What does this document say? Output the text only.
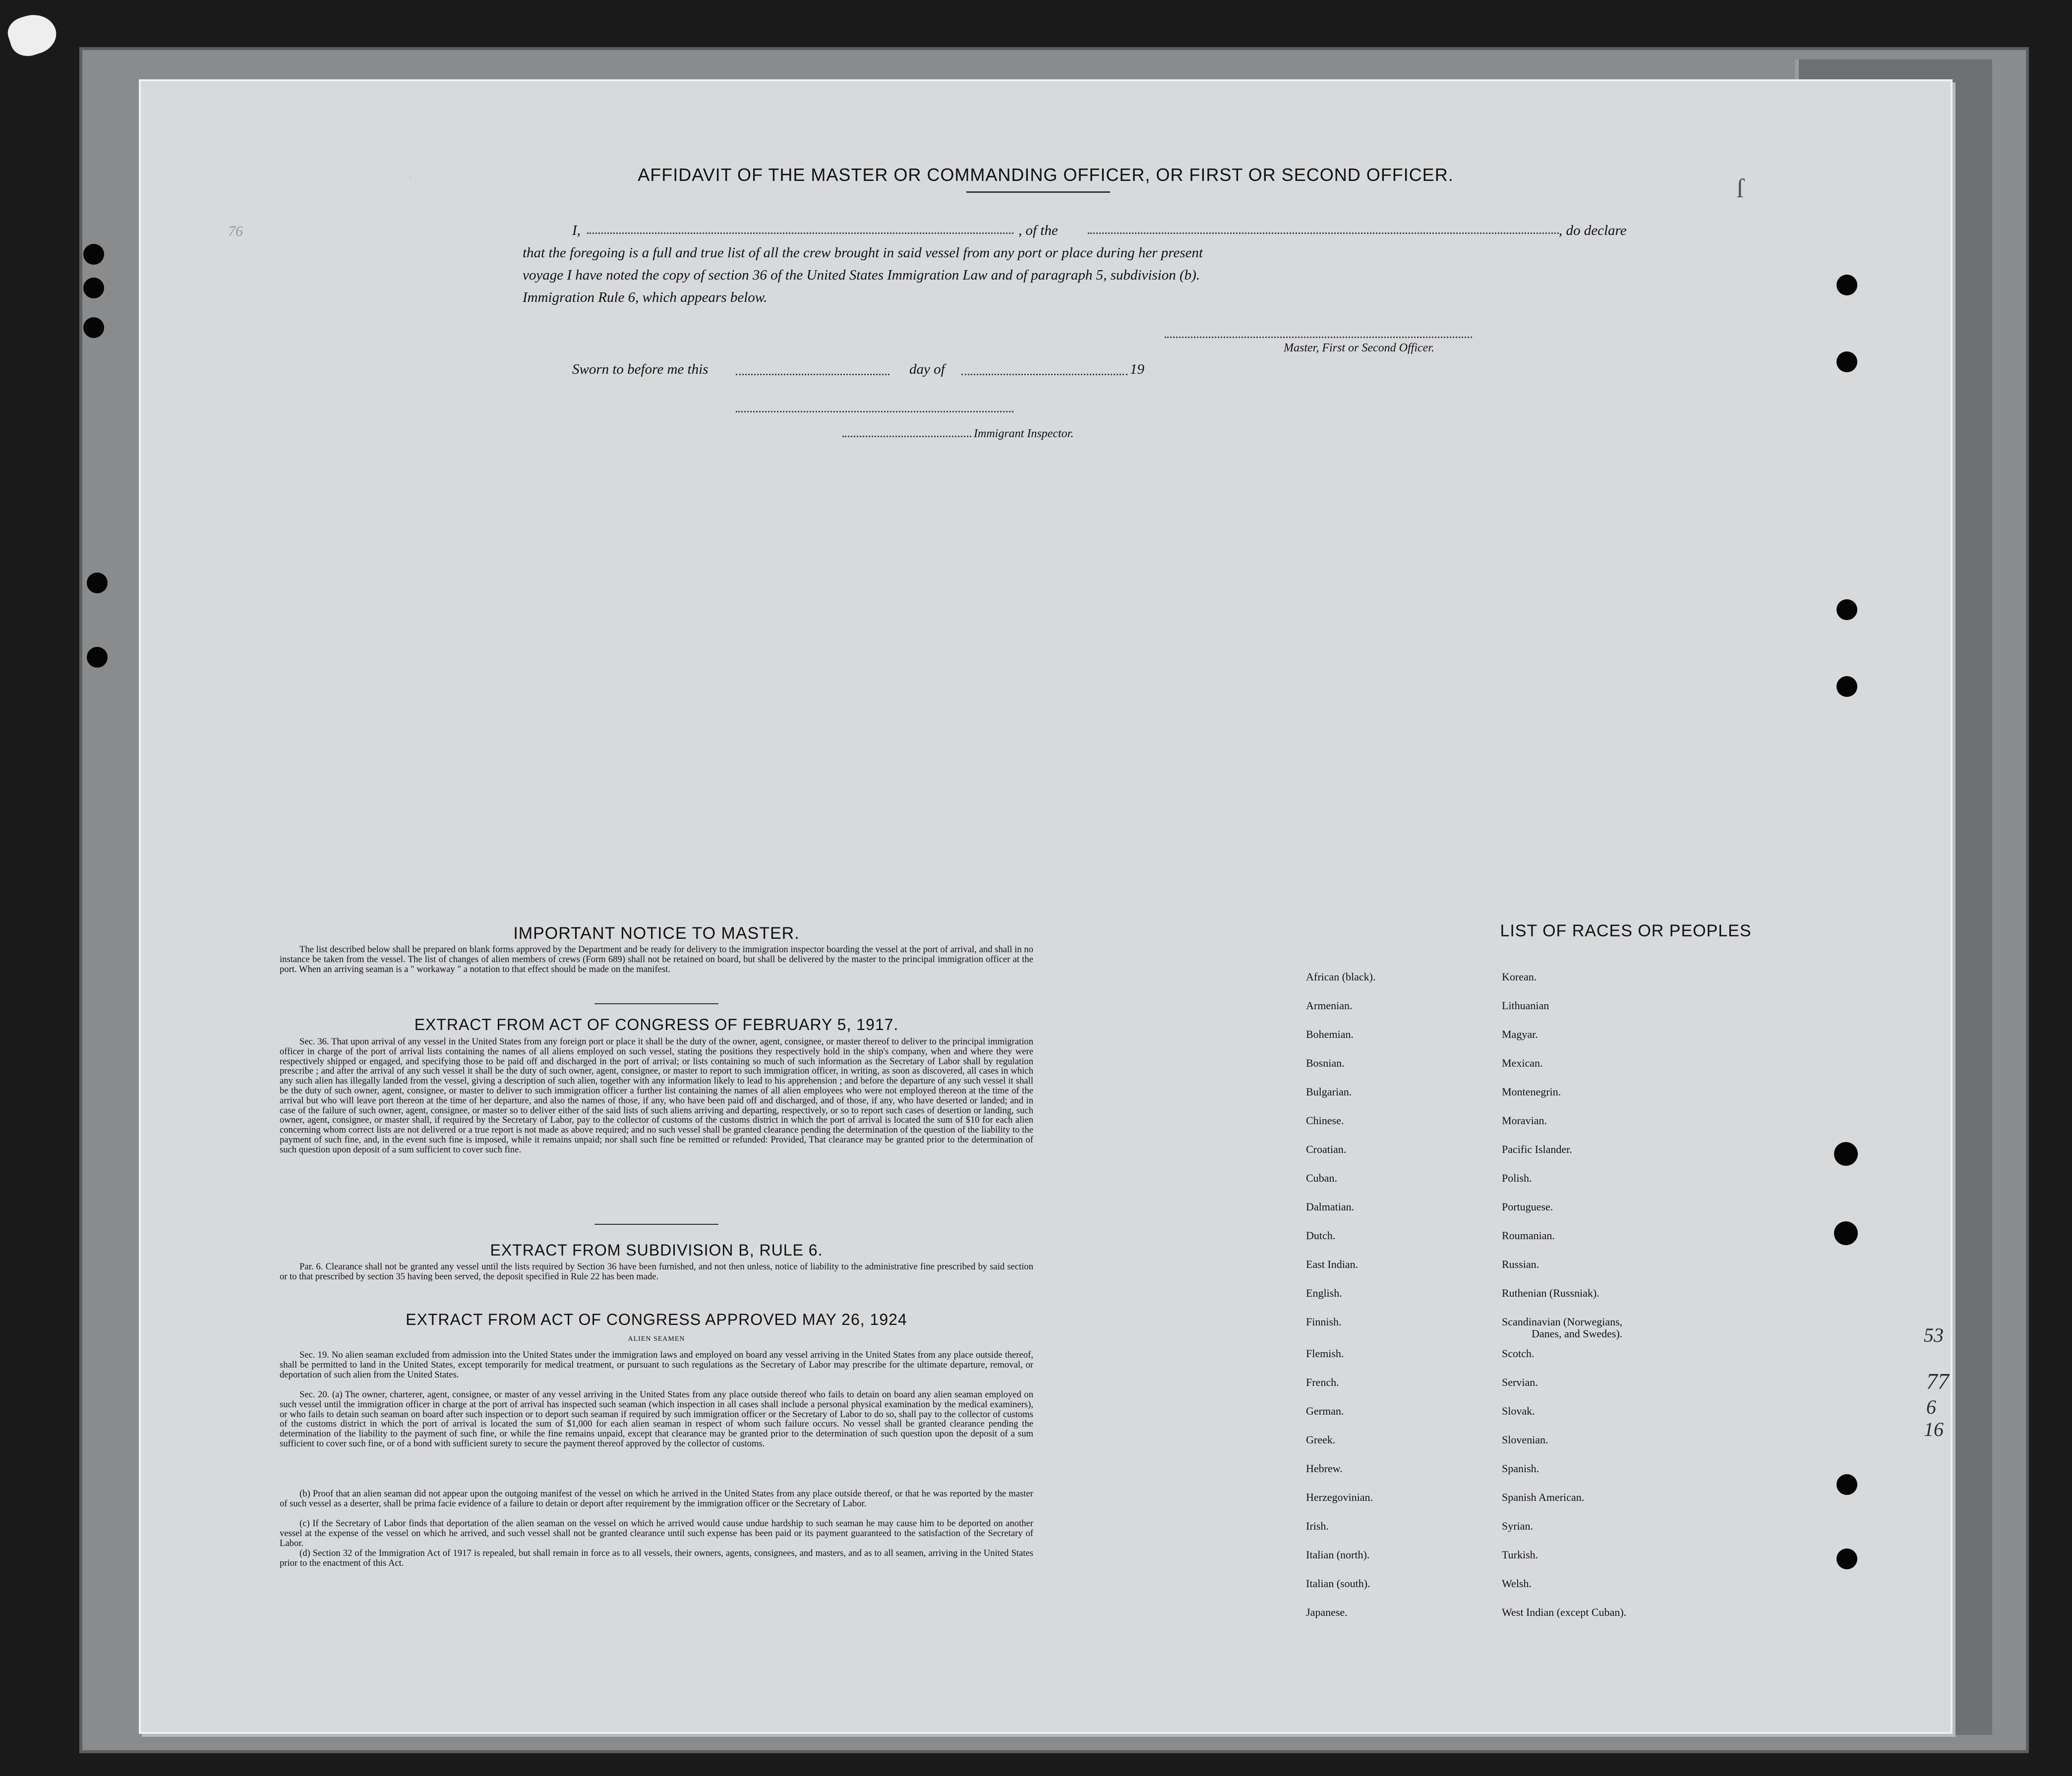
AFFIDAVIT OF THE MASTER OR COMMANDING OFFICER, OR FIRST OR SECOND OFFICER.
I,	, of the	, do declare
that the foregoing is a full and true list of all the crew brought in said vessel from any port or place during her present
voyage I have noted the copy of section 36 of the United States Immigration Law and of paragraph 5, subdivision (b).
Immigration Rule 6, which appears below.
Master, First or Second Officer.
Sworn to before me this	day of	19
Immigrant Inspector.
·
IMPORTANT NOTICE TO MASTER.
The list described below shall be prepared on blank forms approved by the Department and be ready for delivery to the immigration inspector boarding the vessel at the port of arrival, and shall in no instance be taken from the vessel. The list of changes of alien members of crews (Form 689) shall not be retained on board, but shall be delivered by the master to the principal immigration officer at the port. When an arriving seaman is a " workaway " a notation to that effect should be made on the manifest.
EXTRACT FROM ACT OF CONGRESS OF FEBRUARY 5, 1917.
Sec. 36. That upon arrival of any vessel in the United States from any foreign port or place it shall be the duty of the owner, agent, consignee, or master thereof to deliver to the principal immigration officer in charge of the port of arrival lists containing the names of all aliens employed on such vessel, stating the positions they respectively hold in the ship's company, when and where they were respectively shipped or engaged, and specifying those to be paid off and discharged in the port of arrival; or lists containing so much of such information as the Secretary of Labor shall by regulation prescribe ; and after the arrival of any such vessel it shall be the duty of such owner, agent, consignee, or master to report to such immigration officer, in writing, as soon as discovered, all cases in which any such alien has illegally landed from the vessel, giving a description of such alien, together with any information likely to lead to his apprehension ; and before the departure of any such vessel it shall be the duty of such owner, agent, consignee, or master to deliver to such immigration officer a further list containing the names of all alien employees who were not employed thereon at the time of the arrival but who will leave port thereon at the time of her departure, and also the names of those, if any, who have been paid off and discharged, and of those, if any, who have deserted or landed; and in case of the failure of such owner, agent, consignee, or master so to deliver either of the said lists of such aliens arriving and departing, respectively, or so to report such cases of desertion or landing, such owner, agent, consignee, or master shall, if required by the Secretary of Labor, pay to the collector of customs of the customs district in which the port of arrival is located the sum of $10 for each alien concerning whom correct lists are not delivered or a true report is not made as above required; and no such vessel shall be granted clearance pending the determination of the question of the liability to the payment of such fine, and, in the event such fine is imposed, while it remains unpaid; nor shall such fine be remitted or refunded: Provided, That clearance may be granted prior to the determination of such question upon deposit of a sum sufficient to cover such fine.
EXTRACT FROM SUBDIVISION B, RULE 6.
Par. 6. Clearance shall not be granted any vessel until the lists required by Section 36 have been furnished, and not then unless, notice of liability to the administrative fine prescribed by said section or to that prescribed by section 35 having been served, the deposit specified in Rule 22 has been made.
EXTRACT FROM ACT OF CONGRESS APPROVED MAY 26, 1924
ALIEN SEAMEN
Sec. 19. No alien seaman excluded from admission into the United States under the immigration laws and employed on board any vessel arriving in the United States from any place outside thereof, shall be permitted to land in the United States, except temporarily for medical treatment, or pursuant to such regulations as the Secretary of Labor may prescribe for the ultimate departure, removal, or deportation of such alien from the United States.
Sec. 20. (a) The owner, charterer, agent, consignee, or master of any vessel arriving in the United States from any place outside thereof who fails to detain on board any alien seaman employed on such vessel until the immigration officer in charge at the port of arrival has inspected such seaman (which inspection in all cases shall include a personal physical examination by the medical examiners), or who fails to detain such seaman on board after such inspection or to deport such seaman if required by such immigration officer or the Secretary of Labor to do so, shall pay to the collector of customs of the customs district in which the port of arrival is located the sum of $1,000 for each alien seaman in respect of whom such failure occurs. No vessel shall be granted clearance pending the determination of the liability to the payment of such fine, or while the fine remains unpaid, except that clearance may be granted prior to the determination of such question upon the deposit of a sum sufficient to cover such fine, or of a bond with sufficient surety to secure the payment thereof approved by the collector of customs.
(b) Proof that an alien seaman did not appear upon the outgoing manifest of the vessel on which he arrived in the United States from any place outside thereof, or that he was reported by the master of such vessel as a deserter, shall be prima facie evidence of a failure to detain or deport after requirement by the immigration officer or the Secretary of Labor.
(c) If the Secretary of Labor finds that deportation of the alien seaman on the vessel on which he arrived would cause undue hardship to such seaman he may cause him to be deported on another vessel at the expense of the vessel on which he arrived, and such vessel shall not be granted clearance until such expense has been paid or its payment guaranteed to the satisfaction of the Secretary of Labor.
(d) Section 32 of the Immigration Act of 1917 is repealed, but shall remain in force as to all vessels, their owners, agents, consignees, and masters, and as to all seamen, arriving in the United States prior to the enactment of this Act.
LIST OF RACES OR PEOPLES
African (black).	Korean.
Armenian.	Lithuanian
Bohemian.	Magyar.
Bosnian.	Mexican.
Bulgarian.	Montenegrin.
Chinese.	Moravian.
Croatian.	Pacific Islander.
Cuban.	Polish.
Dalmatian.	Portuguese.
Dutch.	Roumanian.
East Indian.	Russian.
English.	Ruthenian (Russniak).
Finnish.	Scandinavian (Norwegians,
Danes, and Swedes).
Flemish.	Scotch.
French.	Servian.
German.	Slovak.
Greek.	Slovenian.
Hebrew.	Spanish.
Herzegovinian.	Spanish American.
Irish.	Syrian.
Italian (north).	Turkish.
Italian (south).	Welsh.
Japanese.	West Indian (except Cuban).
ſ
53
77
6
16
76
